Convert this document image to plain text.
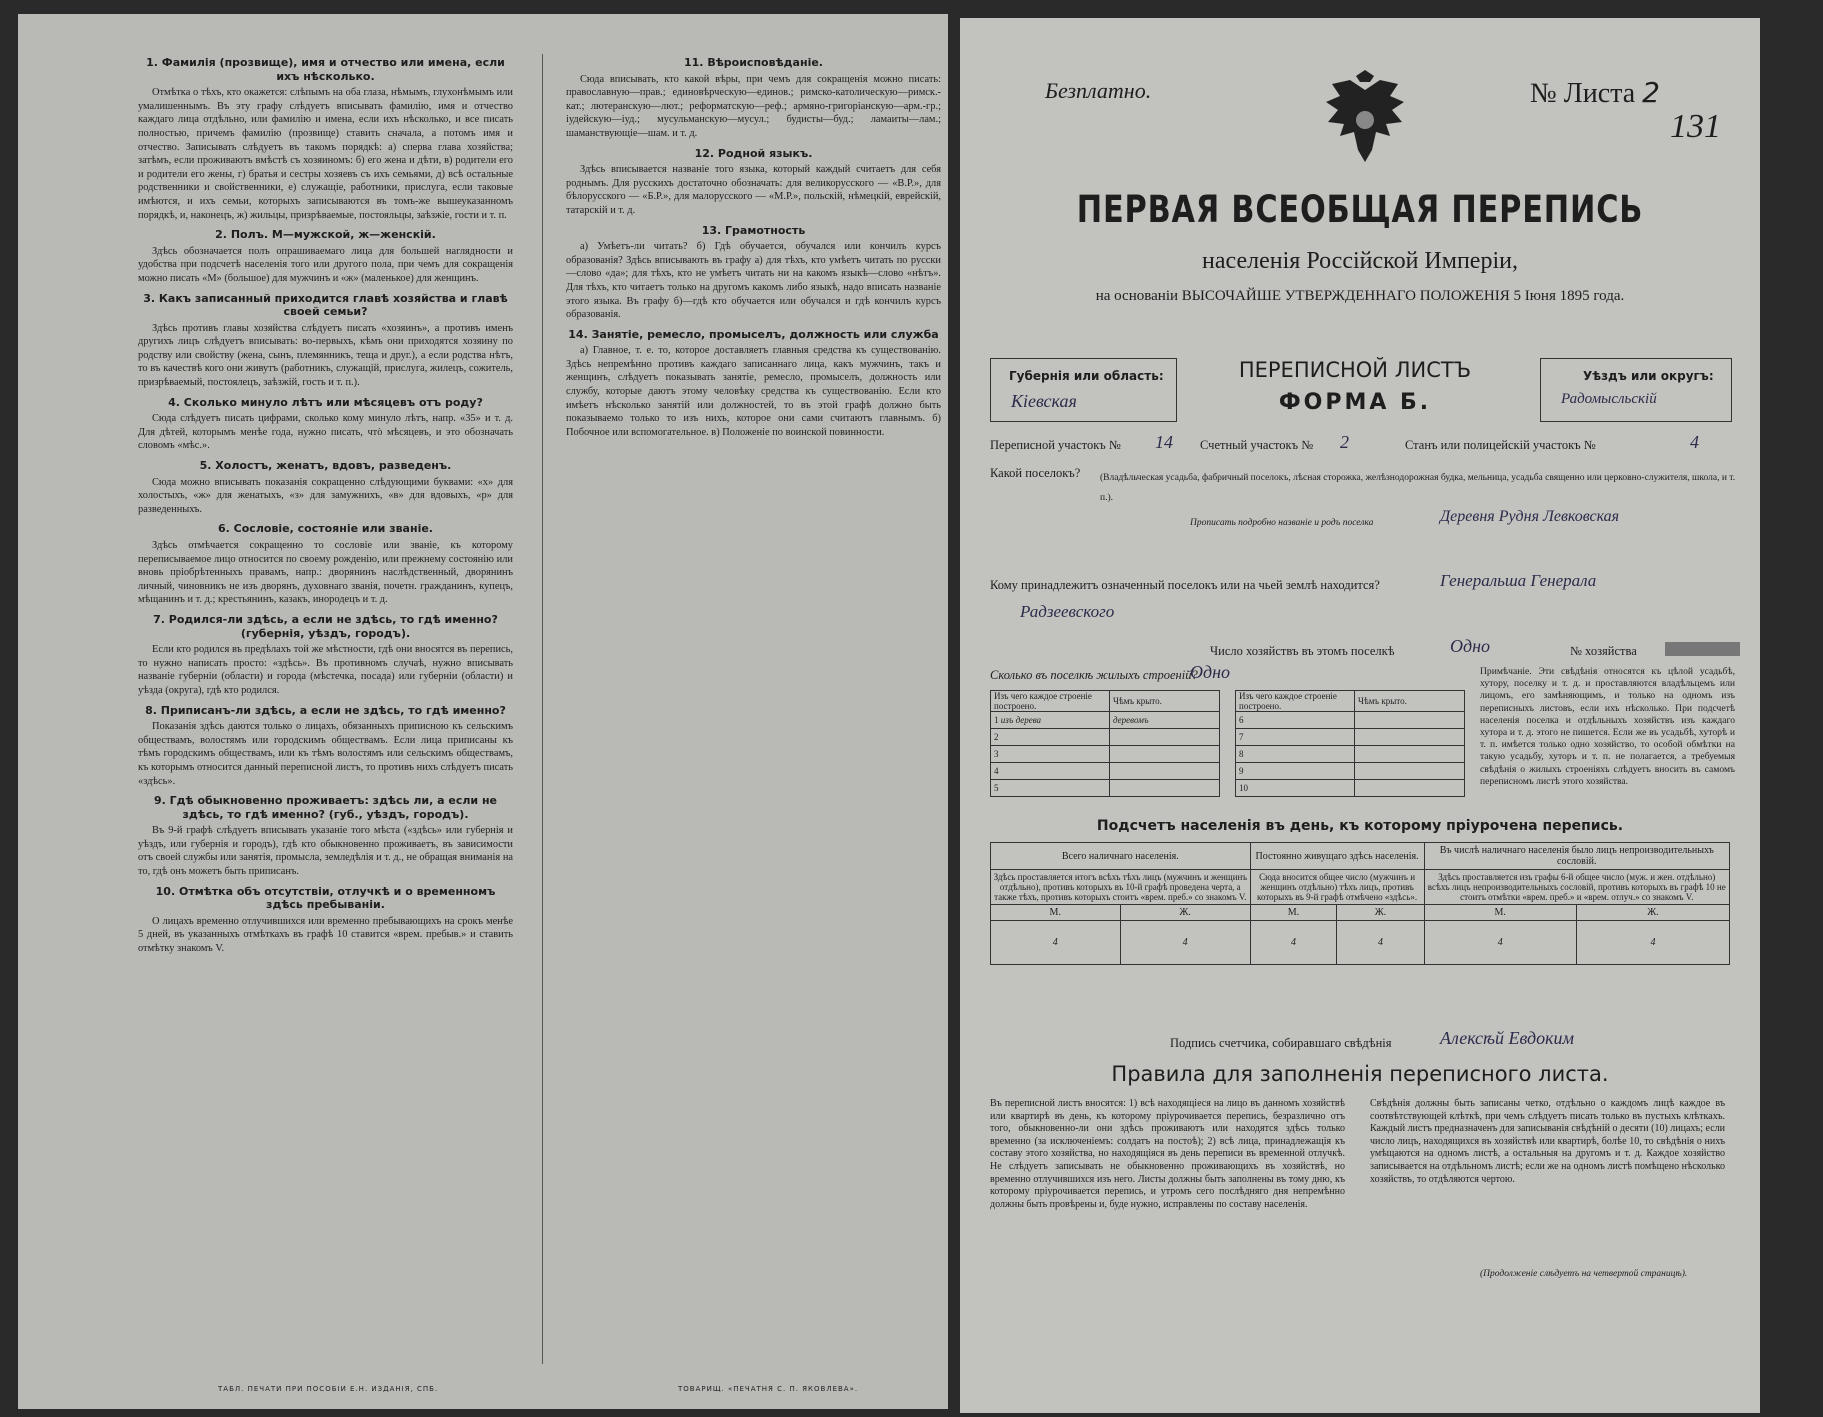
1. Фамилія (прозвище), имя и отчество или имена, если ихъ нѣсколько.

Отмѣтка о тѣхъ, кто окажется: слѣпымъ на оба глаза, нѣмымъ, глухонѣмымъ или умалишеннымъ. Въ эту графу слѣдуетъ вписывать фамилію, имя и отчество каждаго лица отдѣльно, или фамилію и имена, если ихъ нѣсколько, и все писать полностью, причемъ фамилію (прозвище) ставить сначала, а потомъ имя и отчество. Записывать слѣдуетъ въ такомъ порядкѣ: а) сперва глава хозяйства; затѣмъ, если проживаютъ вмѣстѣ съ хозяиномъ: б) его жена и дѣти, в) родители его и родители его жены, г) братья и сестры хозяевъ съ ихъ семьями, д) всѣ остальные родственники и свойственники, е) служащіе, работники, прислуга, если таковые имѣются, и ихъ семьи, которыхъ записываются въ томъ-же вышеуказанномъ порядкѣ, и, наконецъ, ж) жильцы, призрѣваемые, постояльцы, заѣзжіе, гости и т. п.

2. Полъ. М—мужской, ж—женскій.

Здѣсь обозначается полъ опрашиваемаго лица для большей наглядности и удобства при подсчетѣ населенія того или другого пола, при чемъ для сокращенія можно писать «М» (большое) для мужчинъ и «ж» (маленькое) для женщинъ.

3. Какъ записанный приходится главѣ хозяйства и главѣ своей семьи?

Здѣсь противъ главы хозяйства слѣдуетъ писать «хозяинъ», а противъ именъ другихъ лицъ слѣдуетъ вписывать: во-первыхъ, кѣмъ они приходятся хозяину по родству или свойству (жена, сынъ, племянникъ, теща и друг.), а если родства нѣтъ, то въ качествѣ кого они живутъ (работникъ, служащій, прислуга, жилецъ, сожитель, призрѣваемый, постоялецъ, заѣзжій, гость и т. п.).

4. Сколько минуло лѣтъ или мѣсяцевъ отъ роду?

Сюда слѣдуетъ писать цифрами, сколько кому минуло лѣтъ, напр. «35» и т. д. Для дѣтей, которымъ менѣе года, нужно писать, чтò мѣсяцевъ, и это обозначать словомъ «мѣс.».

5. Холостъ, женатъ, вдовъ, разведенъ.

Сюда можно вписывать показанія сокращенно слѣдующими буквами: «х» для холостыхъ, «ж» для женатыхъ, «з» для замужнихъ, «в» для вдовыхъ, «р» для разведенныхъ.

6. Сословіе, состояніе или званіе.

Здѣсь отмѣчается сокращенно то сословіе или званіе, къ которому переписываемое лицо относится по своему рожденію, или прежнему состоянію или вновь пріобрѣтенныхъ правамъ, напр.: дворянинъ наслѣдственный, дворянинъ личный, чиновникъ не изъ дворянъ, духовнаго званія, почетн. гражданинъ, купецъ, мѣщанинъ и т. д.; крестьянинъ, казакъ, инородецъ и т. д.

7. Родился-ли здѣсь, а если не здѣсь, то гдѣ именно? (губернія, уѣздъ, городъ).

Если кто родился въ предѣлахъ той же мѣстности, гдѣ они вносятся въ перепись, то нужно написать просто: «здѣсь». Въ противномъ случаѣ, нужно вписывать названіе губерніи (области) и города (мѣстечка, посада) или губерніи (области) и уѣзда (округа), гдѣ кто родился.

8. Приписанъ-ли здѣсь, а если не здѣсь, то гдѣ именно?

Показанія здѣсь даются только о лицахъ, обязанныхъ приписною къ сельскимъ обществамъ, волостямъ или городскимъ обществамъ. Если лица приписаны къ тѣмъ городскимъ обществамъ, или къ тѣмъ волостямъ или сельскимъ обществамъ, къ которымъ относится данный переписной листъ, то противъ нихъ слѣдуетъ писать «здѣсь».

9. Гдѣ обыкновенно проживаетъ: здѣсь ли, а если не здѣсь, то гдѣ именно? (губ., уѣздъ, городъ).

Въ 9-й графѣ слѣдуетъ вписывать указаніе того мѣста («здѣсь» или губернія и уѣздъ, или губернія и городъ), гдѣ кто обыкновенно проживаетъ, въ зависимости отъ своей службы или занятія, промысла, земледѣлія и т. д., не обращая вниманія на то, гдѣ онъ можетъ быть приписанъ.

10. Отмѣтка объ отсутствіи, отлучкѣ и о временномъ здѣсь пребываніи.

О лицахъ временно отлучившихся или временно пребывающихъ на срокъ менѣе 5 дней, въ указанныхъ отмѣткахъ въ графѣ 10 ставится «врем. пребыв.» и ставить отмѣтку знакомъ V.

11. Вѣроисповѣданіе.

Сюда вписывать, кто какой вѣры, при чемъ для сокращенія можно писать: православную—прав.; единовѣрческую—единов.; римско-католическую—римск.-кат.; лютеранскую—лют.; реформатскую—реф.; армяно-григоріанскую—арм.-гр.; іудейскую—іуд.; мусульманскую—мусул.; будисты—буд.; ламаиты—лам.; шаманствующіе—шам. и т. д.

12. Родной языкъ.

Здѣсь вписывается названіе того языка, который каждый считаетъ для себя роднымъ. Для русскихъ достаточно обозначать: для великорусского — «В.Р.», для бѣлорусского — «Б.Р.», для малорусского — «М.Р.», польскій, нѣмецкій, еврейскій, татарскій и т. д.

13. Грамотность

а) Умѣетъ-ли читать? б) Гдѣ обучается, обучался или кончилъ курсъ образованія? Здѣсь вписывають въ графу а) для тѣхъ, кто умѣетъ читать по русски—слово «да»; для тѣхъ, кто не умѣетъ читать ни на какомъ языкѣ—слово «нѣтъ». Для тѣхъ, кто читаетъ только на другомъ какомъ либо языкѣ, надо вписать названіе этого языка. Въ графу б)—гдѣ кто обучается или обучался и гдѣ кончилъ курсъ образованія.

14. Занятіе, ремесло, промыселъ, должность или служба

а) Главное, т. е. то, которое доставляетъ главныя средства къ существованію. Здѣсь непремѣнно противъ каждаго записаннаго лица, какъ мужчинъ, такъ и женщинъ, слѣдуетъ показывать занятіе, ремесло, промыселъ, должность или службу, которые даютъ этому человѣку средства къ существованію. Если кто имѣетъ нѣсколько занятій или должностей, то въ этой графѣ должно быть показываемо только то изъ нихъ, которое они сами считаютъ главнымъ. б) Побочное или вспомогательное. в) Положеніе по воинской повинности.

ТАБЛ. ПЕЧАТИ ПРИ ПОСОБІИ Е.Н. ИЗДАНІЯ, СПБ.	ТОВАРИЩ. «ПЕЧАТНЯ С. П. ЯКОВЛЕВА».
Безплатно.	№ Листа 2
131
ПЕРВАЯ ВСЕОБЩАЯ ПЕРЕПИСЬ
населенія Россійской Имперіи,
на основаніи ВЫСОЧАЙШЕ УТВЕРЖДЕННАГО ПОЛОЖЕНІЯ 5 Іюня 1895 года.
Губернія или область:
Кіевская
ПЕРЕПИСНОЙ ЛИСТЪ
ФОРМА Б.
Уѣздъ или округъ:
Радомысльскій
Переписной участокъ № 14 Счетный участокъ № 2	Станъ или полицейскій участокъ №	4
Какой поселокъ? (Владѣльческая усадьба, фабричный поселокъ, лѣсная сторожка, желѣзнодорожная будка, мельница, усадьба священно или церковно-служителя, школа, и т. п.).
Прописать подробно названіе и родъ поселка	Деревня Рудня Левковская
Кому принадлежитъ означенный поселокъ или на чьей землѣ находится?	Генеральша Генерала
Радзеевского
Число хозяйствъ въ этомъ поселкѣ	Одно	№ хозяйства
Сколько въ поселкѣ жилыхъ строеній?
Одно
Изъ чего каждое строеніе построено.	Чѣмъ крыто.
1 изъ дерева	деревомъ
2	
3	
4	
5	
Изъ чего каждое строеніе построено.	Чѣмъ крыто.
6	
7	
8	
9	
10	
Примѣчаніе. Эти свѣдѣнія относятся къ цѣлой усадьбѣ, хутору, поселку и т. д. и проставляются владѣльцемъ или лицомъ, его замѣняющимъ, и только на одномъ изъ переписныхъ листовъ, если ихъ нѣсколько. При подсчетѣ населенія поселка и отдѣльныхъ хозяйствъ изъ каждаго хутора и т. д. этого не пишется. Если же въ усадьбѣ, хуторѣ и т. п. имѣется только одно хозяйство, то особой обмѣтки на такую усадьбу, хуторъ и т. п. не полагается, а требуемыя свѣдѣнія о жилыхъ строеніяхъ слѣдуетъ вносить въ самомъ переписномъ листѣ этого хозяйства.
Подсчетъ населенія въ день, къ которому пріурочена перепись.
Всего наличнаго населенія.		Постоянно живущаго здѣсь населенія.		Въ числѣ наличнаго населенія было лицъ непроизводительныхъ сословій.	
Здѣсь проставляется итогъ всѣхъ тѣхъ лицъ (мужчинъ и женщинъ отдѣльно), противъ которыхъ въ 10-й графѣ проведена черта, а также тѣхъ, противъ которыхъ стоитъ «врем. преб.» со знакомъ V.		Сюда вносится общее число (мужчинъ и женщинъ отдѣльно) тѣхъ лицъ, противъ которыхъ въ 9-й графѣ отмѣчено «здѣсь».		Здѣсь проставляется изъ графы 6-й общее число (муж. и жен. отдѣльно) всѣхъ лицъ непроизводительныхъ сословій, противъ которыхъ въ графѣ 10 не стоитъ отмѣтки «врем. преб.» и «врем. отлуч.» со знакомъ V.	
М.	Ж.	М.	Ж.	М.	Ж.
4	4	4	4	4	4
Подпись счетчика, собиравшаго свѣдѣнія	Алексѣй Евдоким
Правила для заполненія переписного листа.
Въ переписной листъ вносятся: 1) всѣ находящіеся на лицо въ данномъ хозяйствѣ или квартирѣ въ день, къ которому пріурочивается перепись, безразлично отъ того, обыкновенно-ли они здѣсь проживаютъ или находятся здѣсь только временно (за исключеніемъ: солдатъ на постоѣ); 2) всѣ лица, принадлежащія къ составу этого хозяйства, но находящіяся въ день переписи въ временной отлучкѣ. Не слѣдуетъ записывать не обыкновенно проживающихъ въ хозяйствѣ, но временно отлучившихся изъ него. Листы должны быть заполнены въ тому дню, къ которому пріурочивается перепись, и утромъ сего послѣдняго дня непремѣнно должны быть провѣрены и, буде нужно, исправлены по составу населенія.
Свѣдѣнія должны быть записаны четко, отдѣльно о каждомъ лицѣ каждое въ соотвѣтствующей клѣткѣ, при чемъ слѣдуетъ писать только въ пустыхъ клѣткахъ. Каждый листъ предназначенъ для записыванія свѣдѣній о десяти (10) лицахъ; если число лицъ, находящихся въ хозяйствѣ или квартирѣ, болѣе 10, то свѣдѣнія о нихъ умѣщаются на одномъ листѣ, а остальныя на другомъ и т. д. Каждое хозяйство записывается на отдѣльномъ листѣ; если же на одномъ листѣ помѣщено нѣсколько хозяйствъ, то отдѣляются чертою.
(Продолженіе слѣдуетъ на четвертой страницѣ).
